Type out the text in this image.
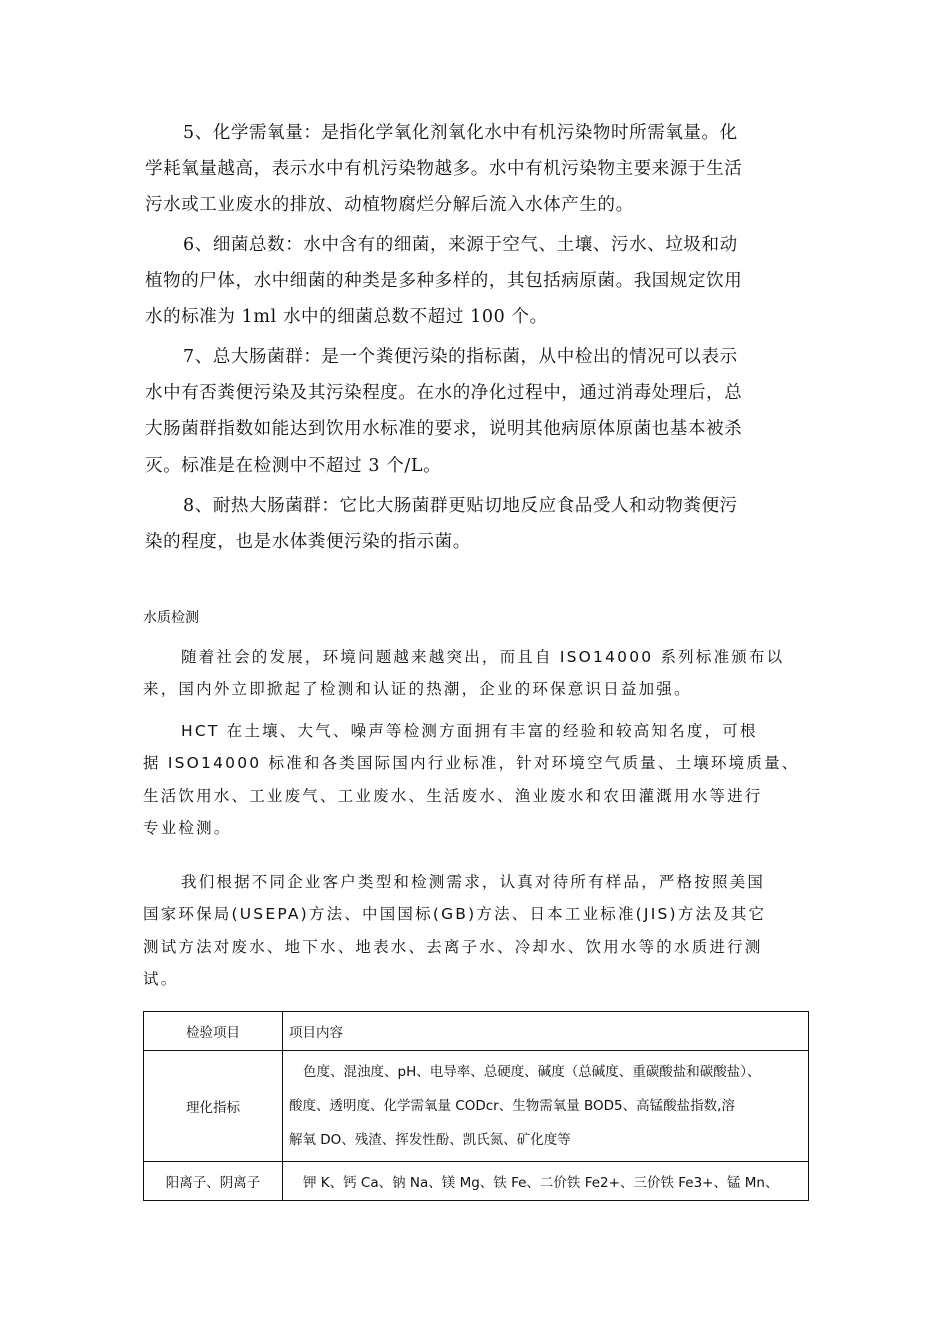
5、化学需氧量：是指化学氧化剂氧化水中有机污染物时所需氧量。化
学耗氧量越高，表示水中有机污染物越多。水中有机污染物主要来源于生活
污水或工业废水的排放、动植物腐烂分解后流入水体产生的。
6、细菌总数：水中含有的细菌，来源于空气、土壤、污水、垃圾和动
植物的尸体，水中细菌的种类是多种多样的，其包括病原菌。我国规定饮用
水的标准为 1ml 水中的细菌总数不超过 100 个。
7、总大肠菌群：是一个粪便污染的指标菌，从中检出的情况可以表示
水中有否粪便污染及其污染程度。在水的净化过程中，通过消毒处理后，总
大肠菌群指数如能达到饮用水标准的要求，说明其他病原体原菌也基本被杀
灭。标准是在检测中不超过 3 个/L。
8、耐热大肠菌群：它比大肠菌群更贴切地反应食品受人和动物粪便污
染的程度，也是水体粪便污染的指示菌。
水质检测
随着社会的发展，环境问题越来越突出，而且自 ISO14000 系列标准颁布以
来，国内外立即掀起了检测和认证的热潮，企业的环保意识日益加强。
HCT 在土壤、大气、噪声等检测方面拥有丰富的经验和较高知名度，可根
据 ISO14000 标准和各类国际国内行业标准，针对环境空气质量、土壤环境质量、
生活饮用水、工业废气、工业废水、生活废水、渔业废水和农田灌溉用水等进行
专业检测。
我们根据不同企业客户类型和检测需求，认真对待所有样品，严格按照美国
国家环保局(USEPA)方法、中国国标(GB)方法、日本工业标准(JIS)方法及其它
测试方法对废水、地下水、地表水、去离子水、冷却水、饮用水等的水质进行测
试。
检验项目	项目内容
理化指标	色度、混浊度、pH、电导率、总硬度、碱度（总碱度、重碳酸盐和碳酸盐）、
酸度、透明度、化学需氧量 CODcr、生物需氧量 BOD5、高锰酸盐指数,溶
解氧 DO、残渣、挥发性酚、凯氏氮、矿化度等

阳离子、阴离子	钾 K、钙 Ca、钠 Na、镁 Mg、铁 Fe、二价铁 Fe2+、三价铁 Fe3+、锰 Mn、
